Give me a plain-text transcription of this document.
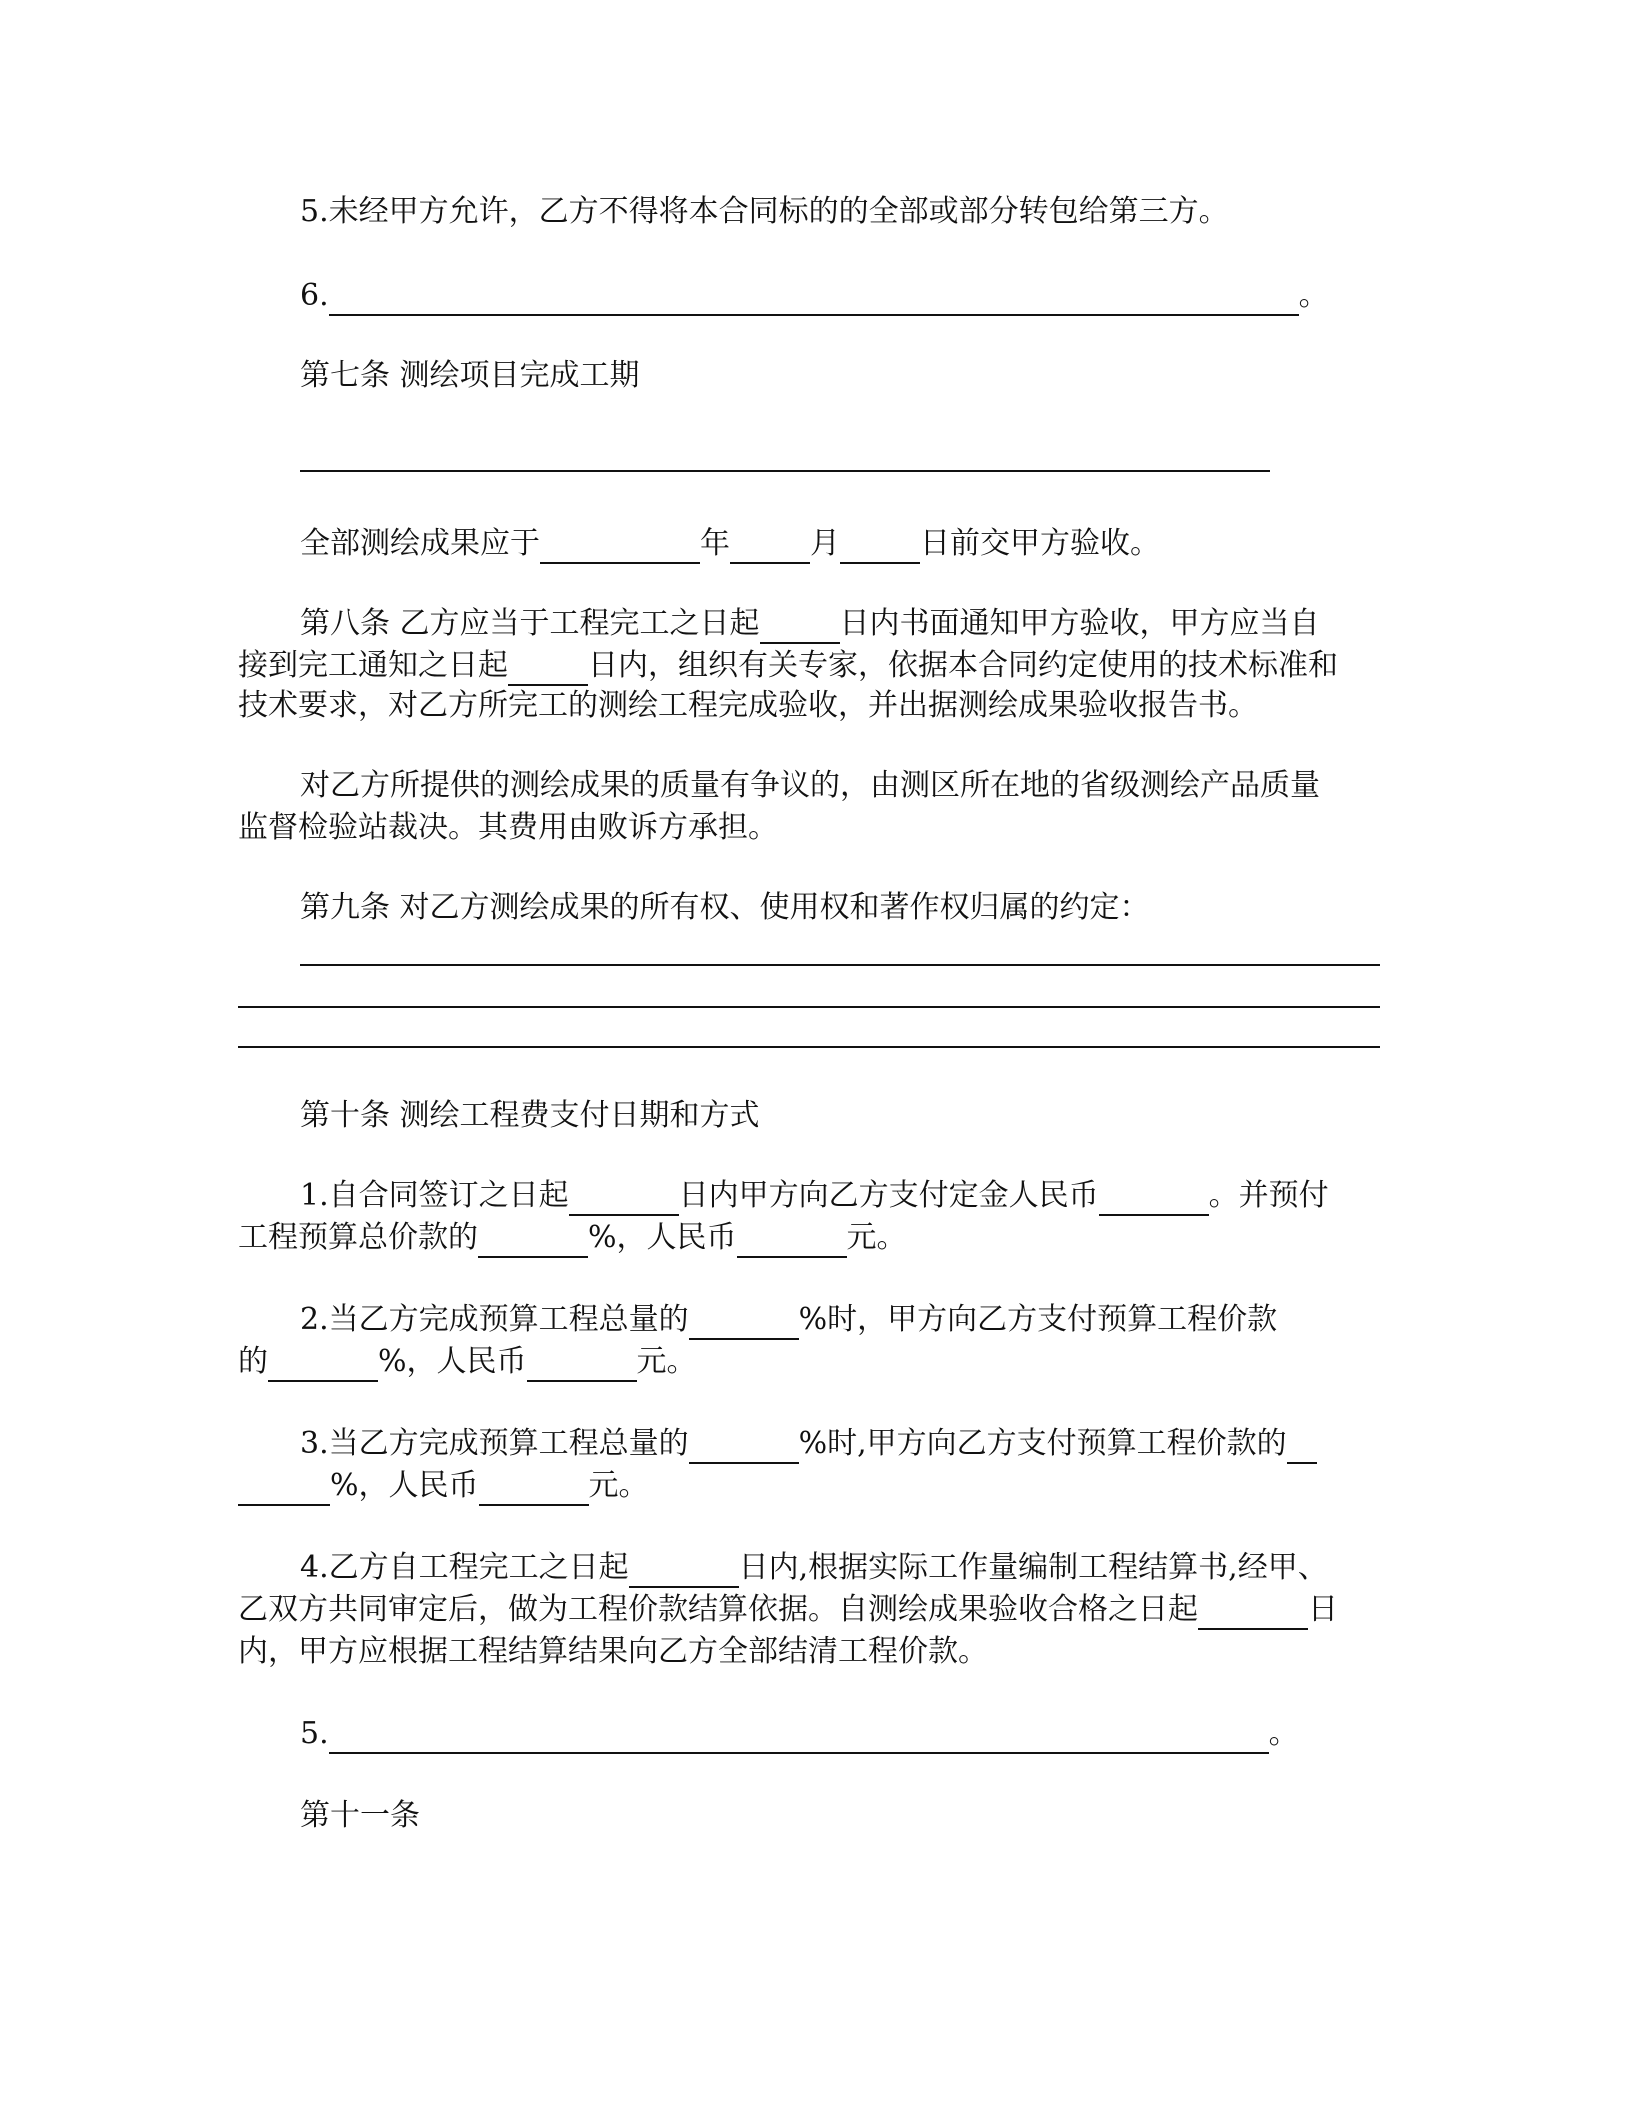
5.未经甲方允许，乙方不得将本合同标的的全部或部分转包给第三方。
6.	。
第七条 测绘项目完成工期
全部测绘成果应于	年	月	日前交甲方验收。
第八条 乙方应当于工程完工之日起	日内书面通知甲方验收，甲方应当自
接到完工通知之日起	日内，组织有关专家，依据本合同约定使用的技术标准和
技术要求，对乙方所完工的测绘工程完成验收，并出据测绘成果验收报告书。
对乙方所提供的测绘成果的质量有争议的，由测区所在地的省级测绘产品质量
监督检验站裁决。其费用由败诉方承担。
第九条 对乙方测绘成果的所有权、使用权和著作权归属的约定：
第十条 测绘工程费支付日期和方式
1.自合同签订之日起	日内甲方向乙方支付定金人民币	。并预付
工程预算总价款的	%，人民币	元。
2.当乙方完成预算工程总量的	%时，甲方向乙方支付预算工程价款
的	%，人民币	元。
3.当乙方完成预算工程总量的	%时,甲方向乙方支付预算工程价款的
%，人民币	元。
4.乙方自工程完工之日起	日内,根据实际工作量编制工程结算书,经甲、
乙双方共同审定后，做为工程价款结算依据。自测绘成果验收合格之日起	日
内，甲方应根据工程结算结果向乙方全部结清工程价款。
5.	。
第十一条
